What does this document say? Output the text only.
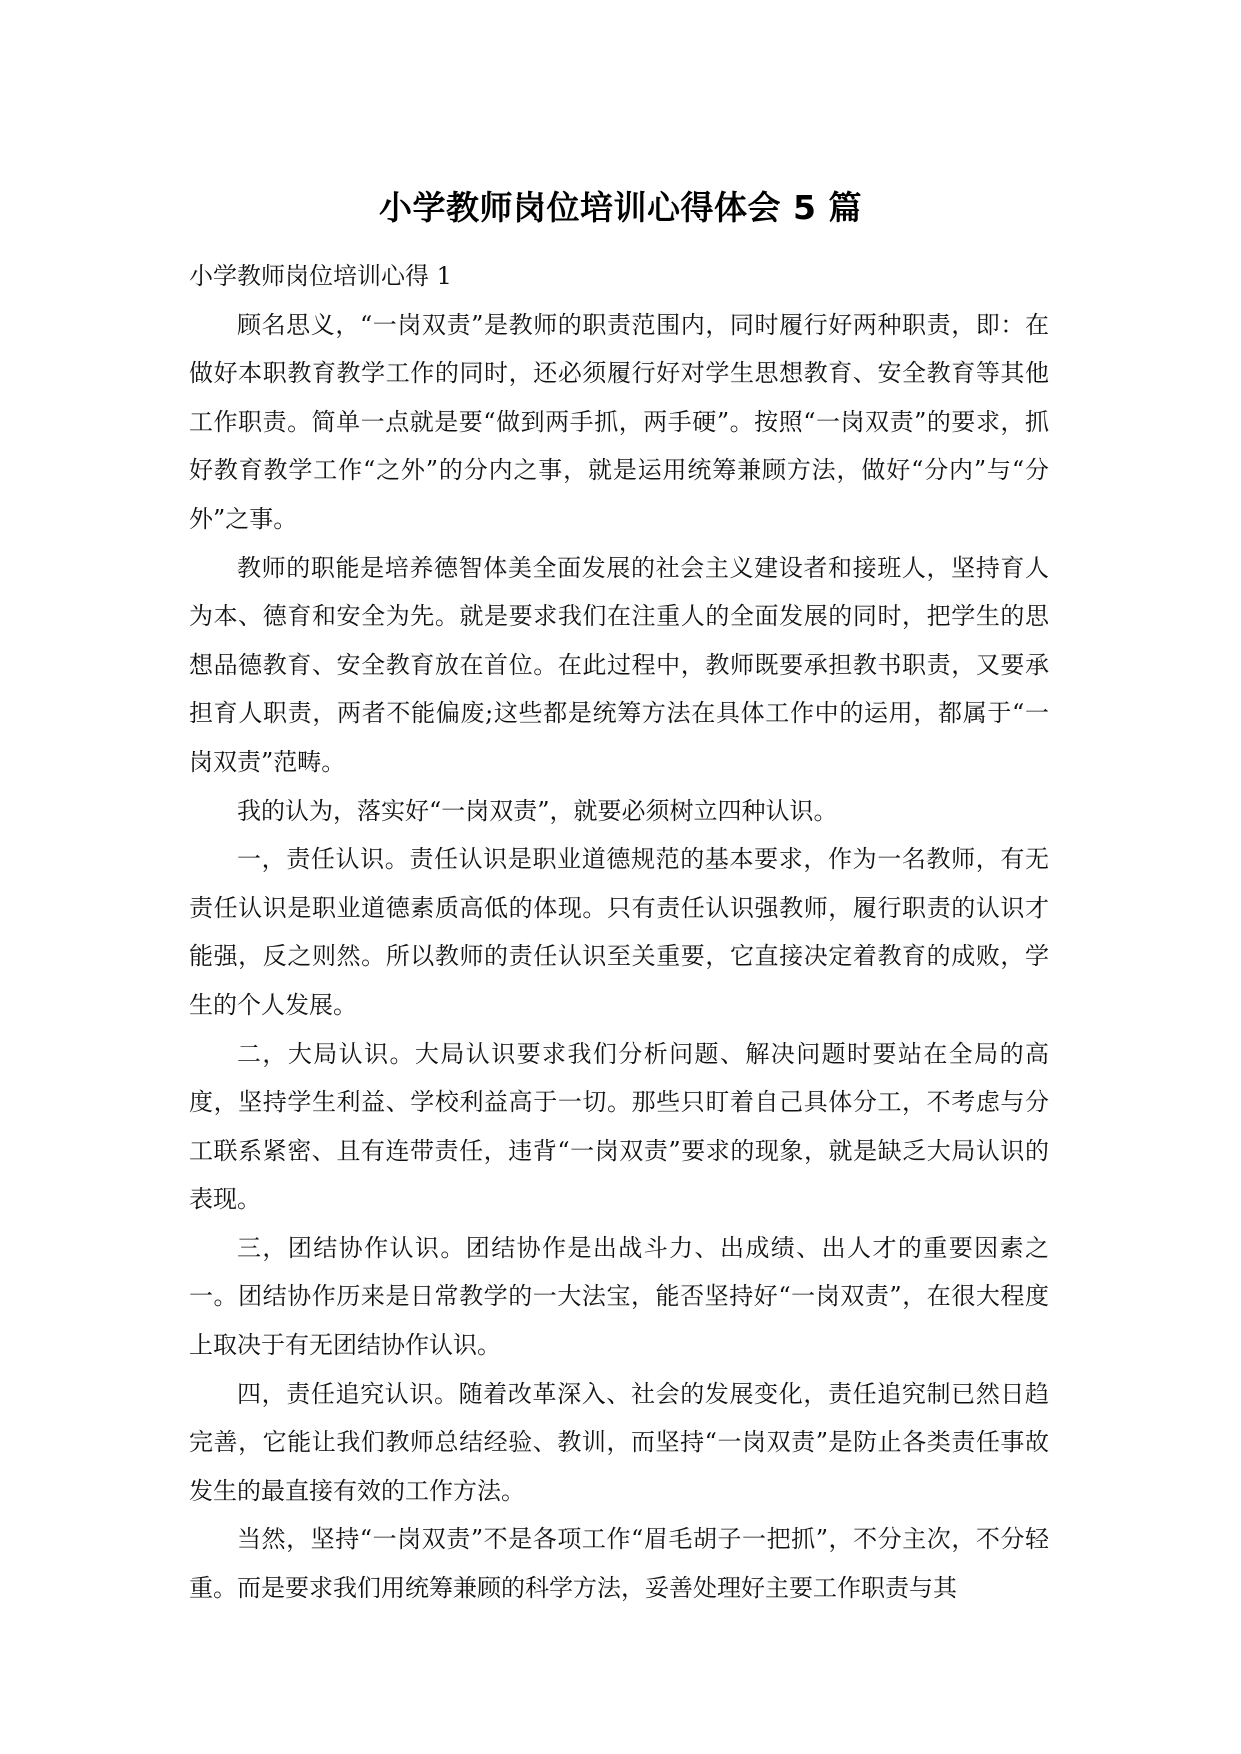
小学教师岗位培训心得体会 5 篇

小学教师岗位培训心得 1

顾名思义，“一岗双责”是教师的职责范围内，同时履行好两种职责，即：在做好本职教育教学工作的同时，还必须履行好对学生思想教育、安全教育等其他工作职责。简单一点就是要“做到两手抓，两手硬”。按照“一岗双责”的要求，抓好教育教学工作“之外”的分内之事，就是运用统筹兼顾方法，做好“分内”与“分外”之事。

教师的职能是培养德智体美全面发展的社会主义建设者和接班人，坚持育人为本、德育和安全为先。就是要求我们在注重人的全面发展的同时，把学生的思想品德教育、安全教育放在首位。在此过程中，教师既要承担教书职责，又要承担育人职责，两者不能偏废;这些都是统筹方法在具体工作中的运用，都属于“一岗双责”范畴。

我的认为，落实好“一岗双责”，就要必须树立四种认识。

一，责任认识。责任认识是职业道德规范的基本要求，作为一名教师，有无责任认识是职业道德素质高低的体现。只有责任认识强教师，履行职责的认识才能强，反之则然。所以教师的责任认识至关重要，它直接决定着教育的成败，学生的个人发展。

二，大局认识。大局认识要求我们分析问题、解决问题时要站在全局的高度，坚持学生利益、学校利益高于一切。那些只盯着自己具体分工，不考虑与分工联系紧密、且有连带责任，违背“一岗双责”要求的现象，就是缺乏大局认识的表现。

三，团结协作认识。团结协作是出战斗力、出成绩、出人才的重要因素之一。团结协作历来是日常教学的一大法宝，能否坚持好“一岗双责”，在很大程度上取决于有无团结协作认识。

四，责任追究认识。随着改革深入、社会的发展变化，责任追究制已然日趋完善，它能让我们教师总结经验、教训，而坚持“一岗双责”是防止各类责任事故发生的最直接有效的工作方法。

当然，坚持“一岗双责”不是各项工作“眉毛胡子一把抓”，不分主次，不分轻重。而是要求我们用统筹兼顾的科学方法，妥善处理好主要工作职责与其
